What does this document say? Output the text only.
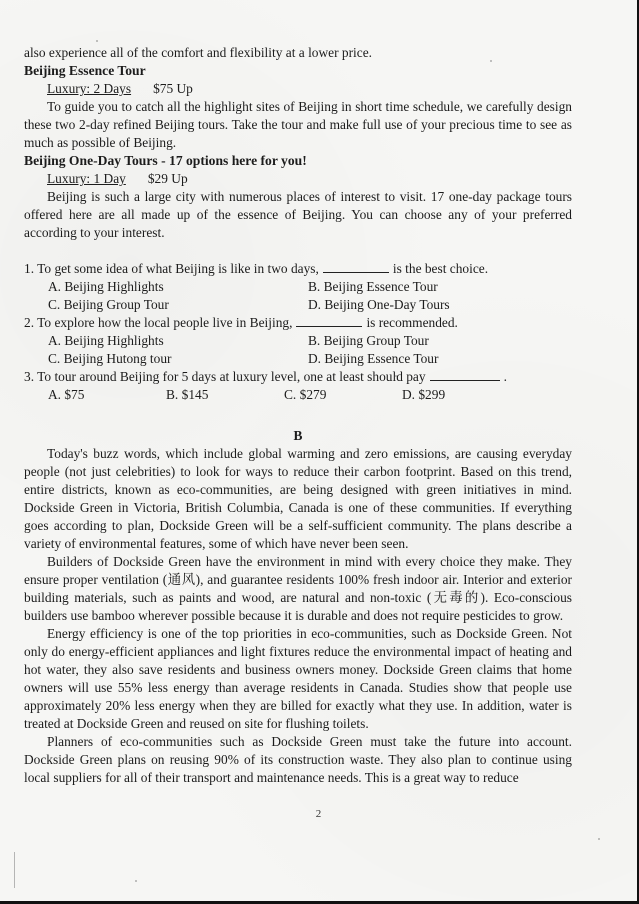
also experience all of the comfort and flexibility at a lower price.

Beijing Essence Tour
Luxury: 2 Days $75 Up

To guide you to catch all the highlight sites of Beijing in short time schedule, we carefully design these two 2-day refined Beijing tours. Take the tour and make full use of your precious time to see as much as possible of Beijing.

Beijing One-Day Tours - 17 options here for you!
Luxury: 1 Day $29 Up

Beijing is such a large city with numerous places of interest to visit. 17 one-day package tours offered here are all made up of the essence of Beijing. You can choose any of your preferred according to your interest.

1. To get some idea of what Beijing is like in two days,	is the best choice.

A. Beijing Highlights	B. Beijing Essence Tour
C. Beijing Group Tour	D. Beijing One-Day Tours

2. To explore how the local people live in Beijing,	is recommended.

A. Beijing Highlights	B. Beijing Group Tour
C. Beijing Hutong tour	D. Beijing Essence Tour

3. To tour around Beijing for 5 days at luxury level, one at least should pay	.

A. $75	B. $145	C. $279	D. $299
B

Today's buzz words, which include global warming and zero emissions, are causing everyday people (not just celebrities) to look for ways to reduce their carbon footprint. Based on this trend, entire districts, known as eco-communities, are being designed with green initiatives in mind. Dockside Green in Victoria, British Columbia, Canada is one of these communities. If everything goes according to plan, Dockside Green will be a self-sufficient community. The plans describe a variety of environmental features, some of which have never been seen.

Builders of Dockside Green have the environment in mind with every choice they make. They ensure proper ventilation (通风), and guarantee residents 100% fresh indoor air. Interior and exterior building materials, such as paints and wood, are natural and non-toxic (无毒的). Eco-conscious builders use bamboo wherever possible because it is durable and does not require pesticides to grow.

Energy efficiency is one of the top priorities in eco-communities, such as Dockside Green. Not only do energy-efficient appliances and light fixtures reduce the environmental impact of heating and hot water, they also save residents and business owners money. Dockside Green claims that home owners will use 55% less energy than average residents in Canada. Studies show that people use approximately 20% less energy when they are billed for exactly what they use. In addition, water is treated at Dockside Green and reused on site for flushing toilets.

Planners of eco-communities such as Dockside Green must take the future into account. Dockside Green plans on reusing 90% of its construction waste. They also plan to continue using local suppliers for all of their transport and maintenance needs. This is a great way to reduce

2
